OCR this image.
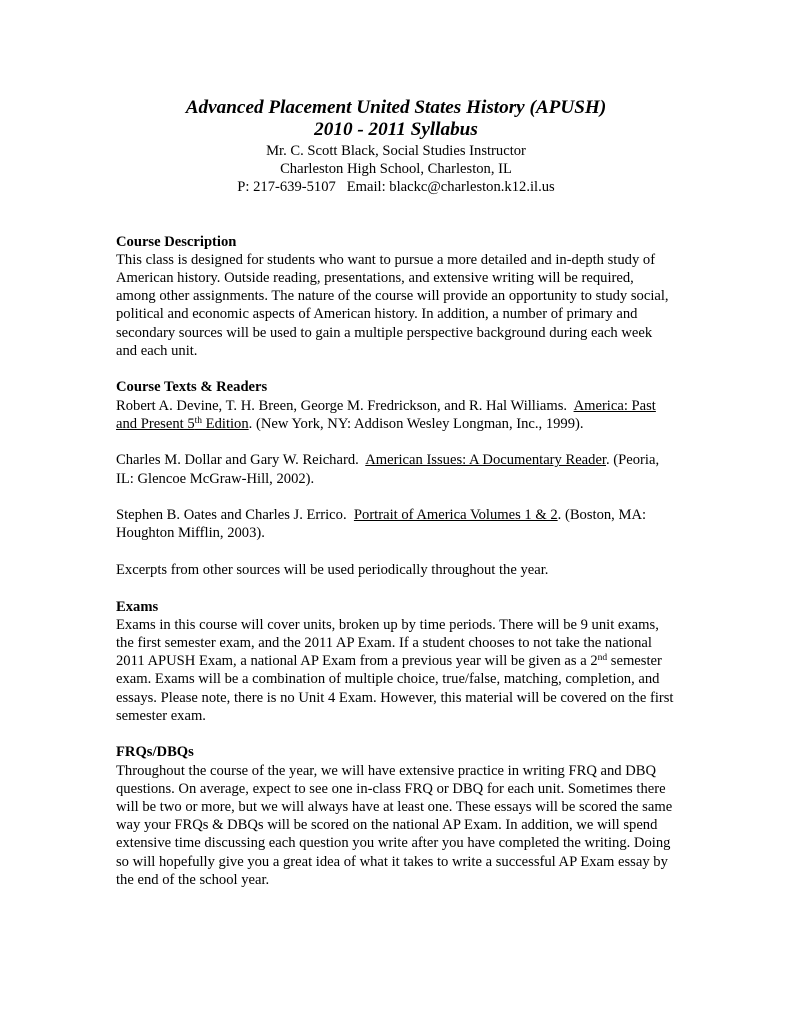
Advanced Placement United States History (APUSH)
2010 - 2011 Syllabus
Mr. C. Scott Black, Social Studies Instructor
Charleston High School, Charleston, IL
P: 217-639-5107   Email: blackc@charleston.k12.il.us
Course Description

This class is designed for students who want to pursue a more detailed and in-depth study of American history. Outside reading, presentations, and extensive writing will be required, among other assignments. The nature of the course will provide an opportunity to study social, political and economic aspects of American history. In addition, a number of primary and secondary sources will be used to gain a multiple perspective background during each week and each unit.

Course Texts & Readers

Robert A. Devine, T. H. Breen, George M. Fredrickson, and R. Hal Williams. America: Past and Present 5th Edition. (New York, NY: Addison Wesley Longman, Inc., 1999).

Charles M. Dollar and Gary W. Reichard. American Issues: A Documentary Reader. (Peoria, IL: Glencoe McGraw-Hill, 2002).

Stephen B. Oates and Charles J. Errico. Portrait of America Volumes 1 & 2. (Boston, MA: Houghton Mifflin, 2003).

Excerpts from other sources will be used periodically throughout the year.

Exams

Exams in this course will cover units, broken up by time periods. There will be 9 unit exams, the first semester exam, and the 2011 AP Exam. If a student chooses to not take the national 2011 APUSH Exam, a national AP Exam from a previous year will be given as a 2nd semester exam. Exams will be a combination of multiple choice, true/false, matching, completion, and essays. Please note, there is no Unit 4 Exam. However, this material will be covered on the first semester exam.

FRQs/DBQs

Throughout the course of the year, we will have extensive practice in writing FRQ and DBQ questions. On average, expect to see one in-class FRQ or DBQ for each unit. Sometimes there will be two or more, but we will always have at least one. These essays will be scored the same way your FRQs & DBQs will be scored on the national AP Exam. In addition, we will spend extensive time discussing each question you write after you have completed the writing. Doing so will hopefully give you a great idea of what it takes to write a successful AP Exam essay by the end of the school year.
